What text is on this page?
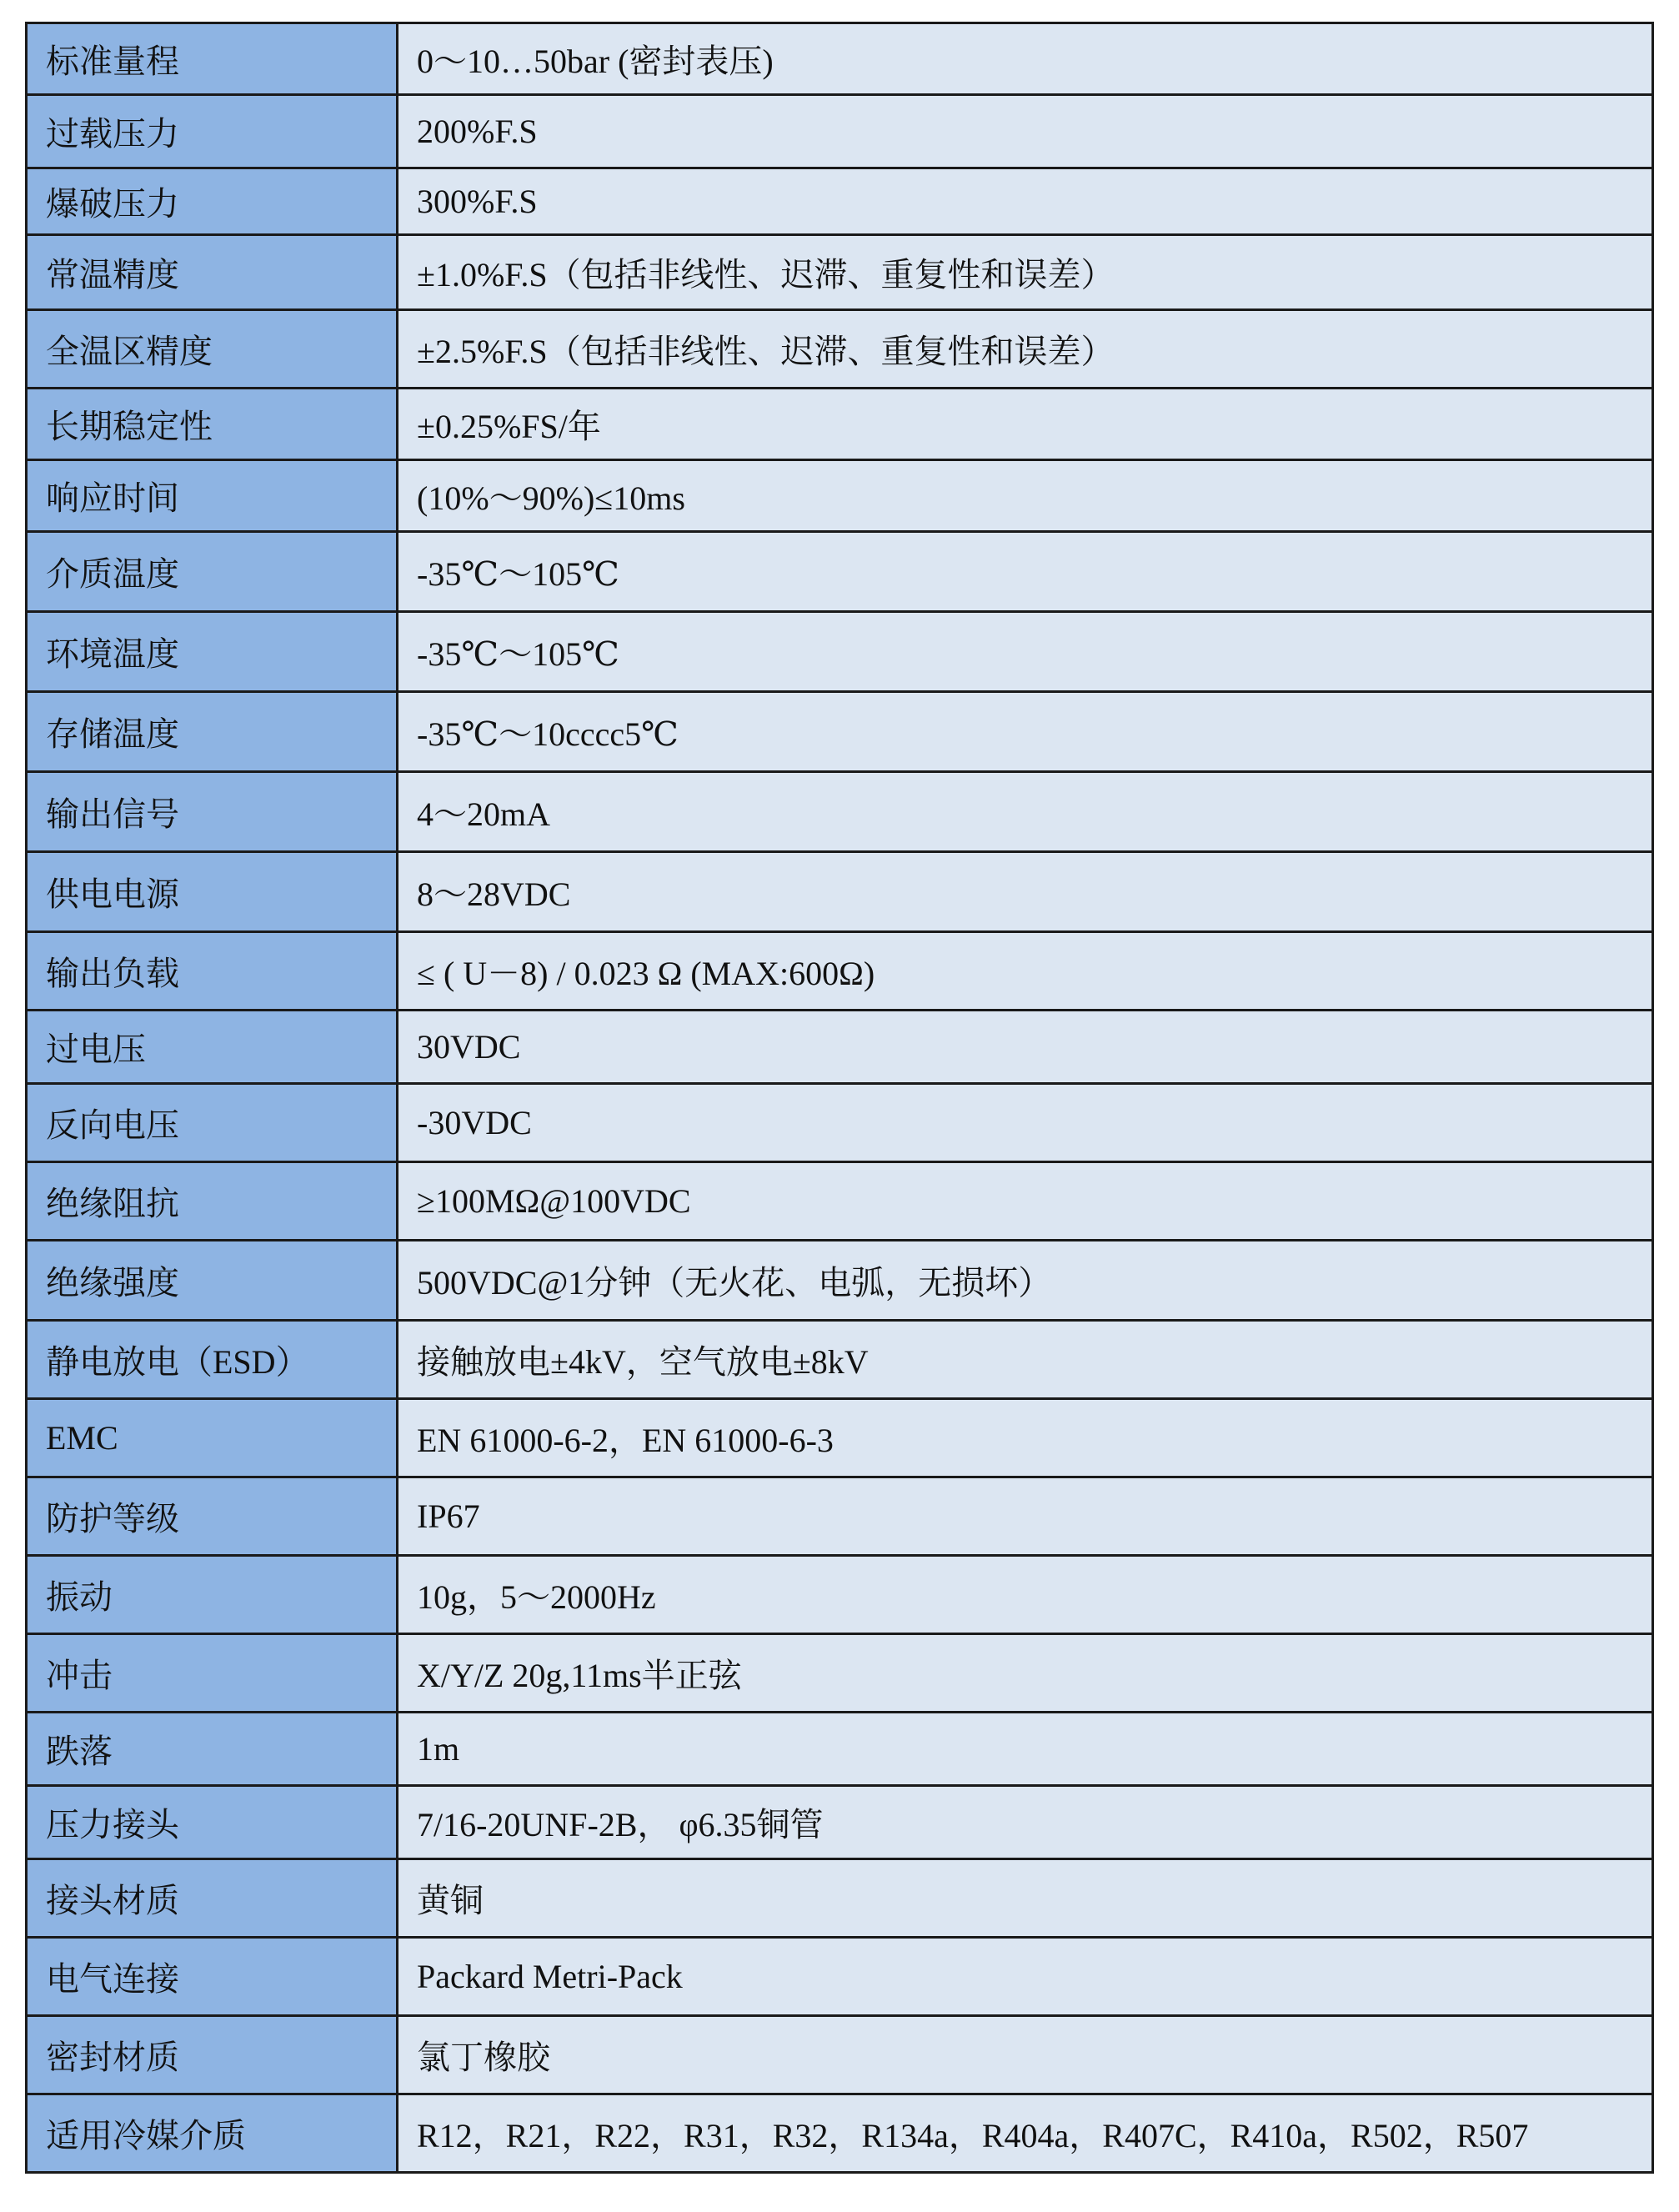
标准量程	0～10…50bar (密封表压)
过载压力	200%F.S
爆破压力	300%F.S
常温精度	±1.0%F.S（包括非线性、迟滞、重复性和误差）
全温区精度	±2.5%F.S（包括非线性、迟滞、重复性和误差）
长期稳定性	±0.25%FS/年
响应时间	(10%～90%)≤10ms
介质温度	-35℃～105℃
环境温度	-35℃～105℃
存储温度	-35℃～10cccc5℃
输出信号	4～20mA
供电电源	8～28VDC
输出负载	≤ ( U－8) / 0.023 Ω (MAX:600Ω)
过电压	30VDC
反向电压	-30VDC
绝缘阻抗	≥100MΩ@100VDC
绝缘强度	500VDC@1分钟（无火花、电弧，无损坏）
静电放电（ESD）	接触放电±4kV，空气放电±8kV
EMC	EN 61000-6-2，EN 61000-6-3
防护等级	IP67
振动	10g，5～2000Hz
冲击	X/Y/Z 20g,11ms半正弦
跌落	1m
压力接头	7/16-20UNF-2B， φ6.35铜管
接头材质	黄铜
电气连接	Packard Metri-Pack
密封材质	氯丁橡胶
适用冷媒介质	R12，R21，R22，R31，R32，R134a，R404a，R407C，R410a，R502，R507
